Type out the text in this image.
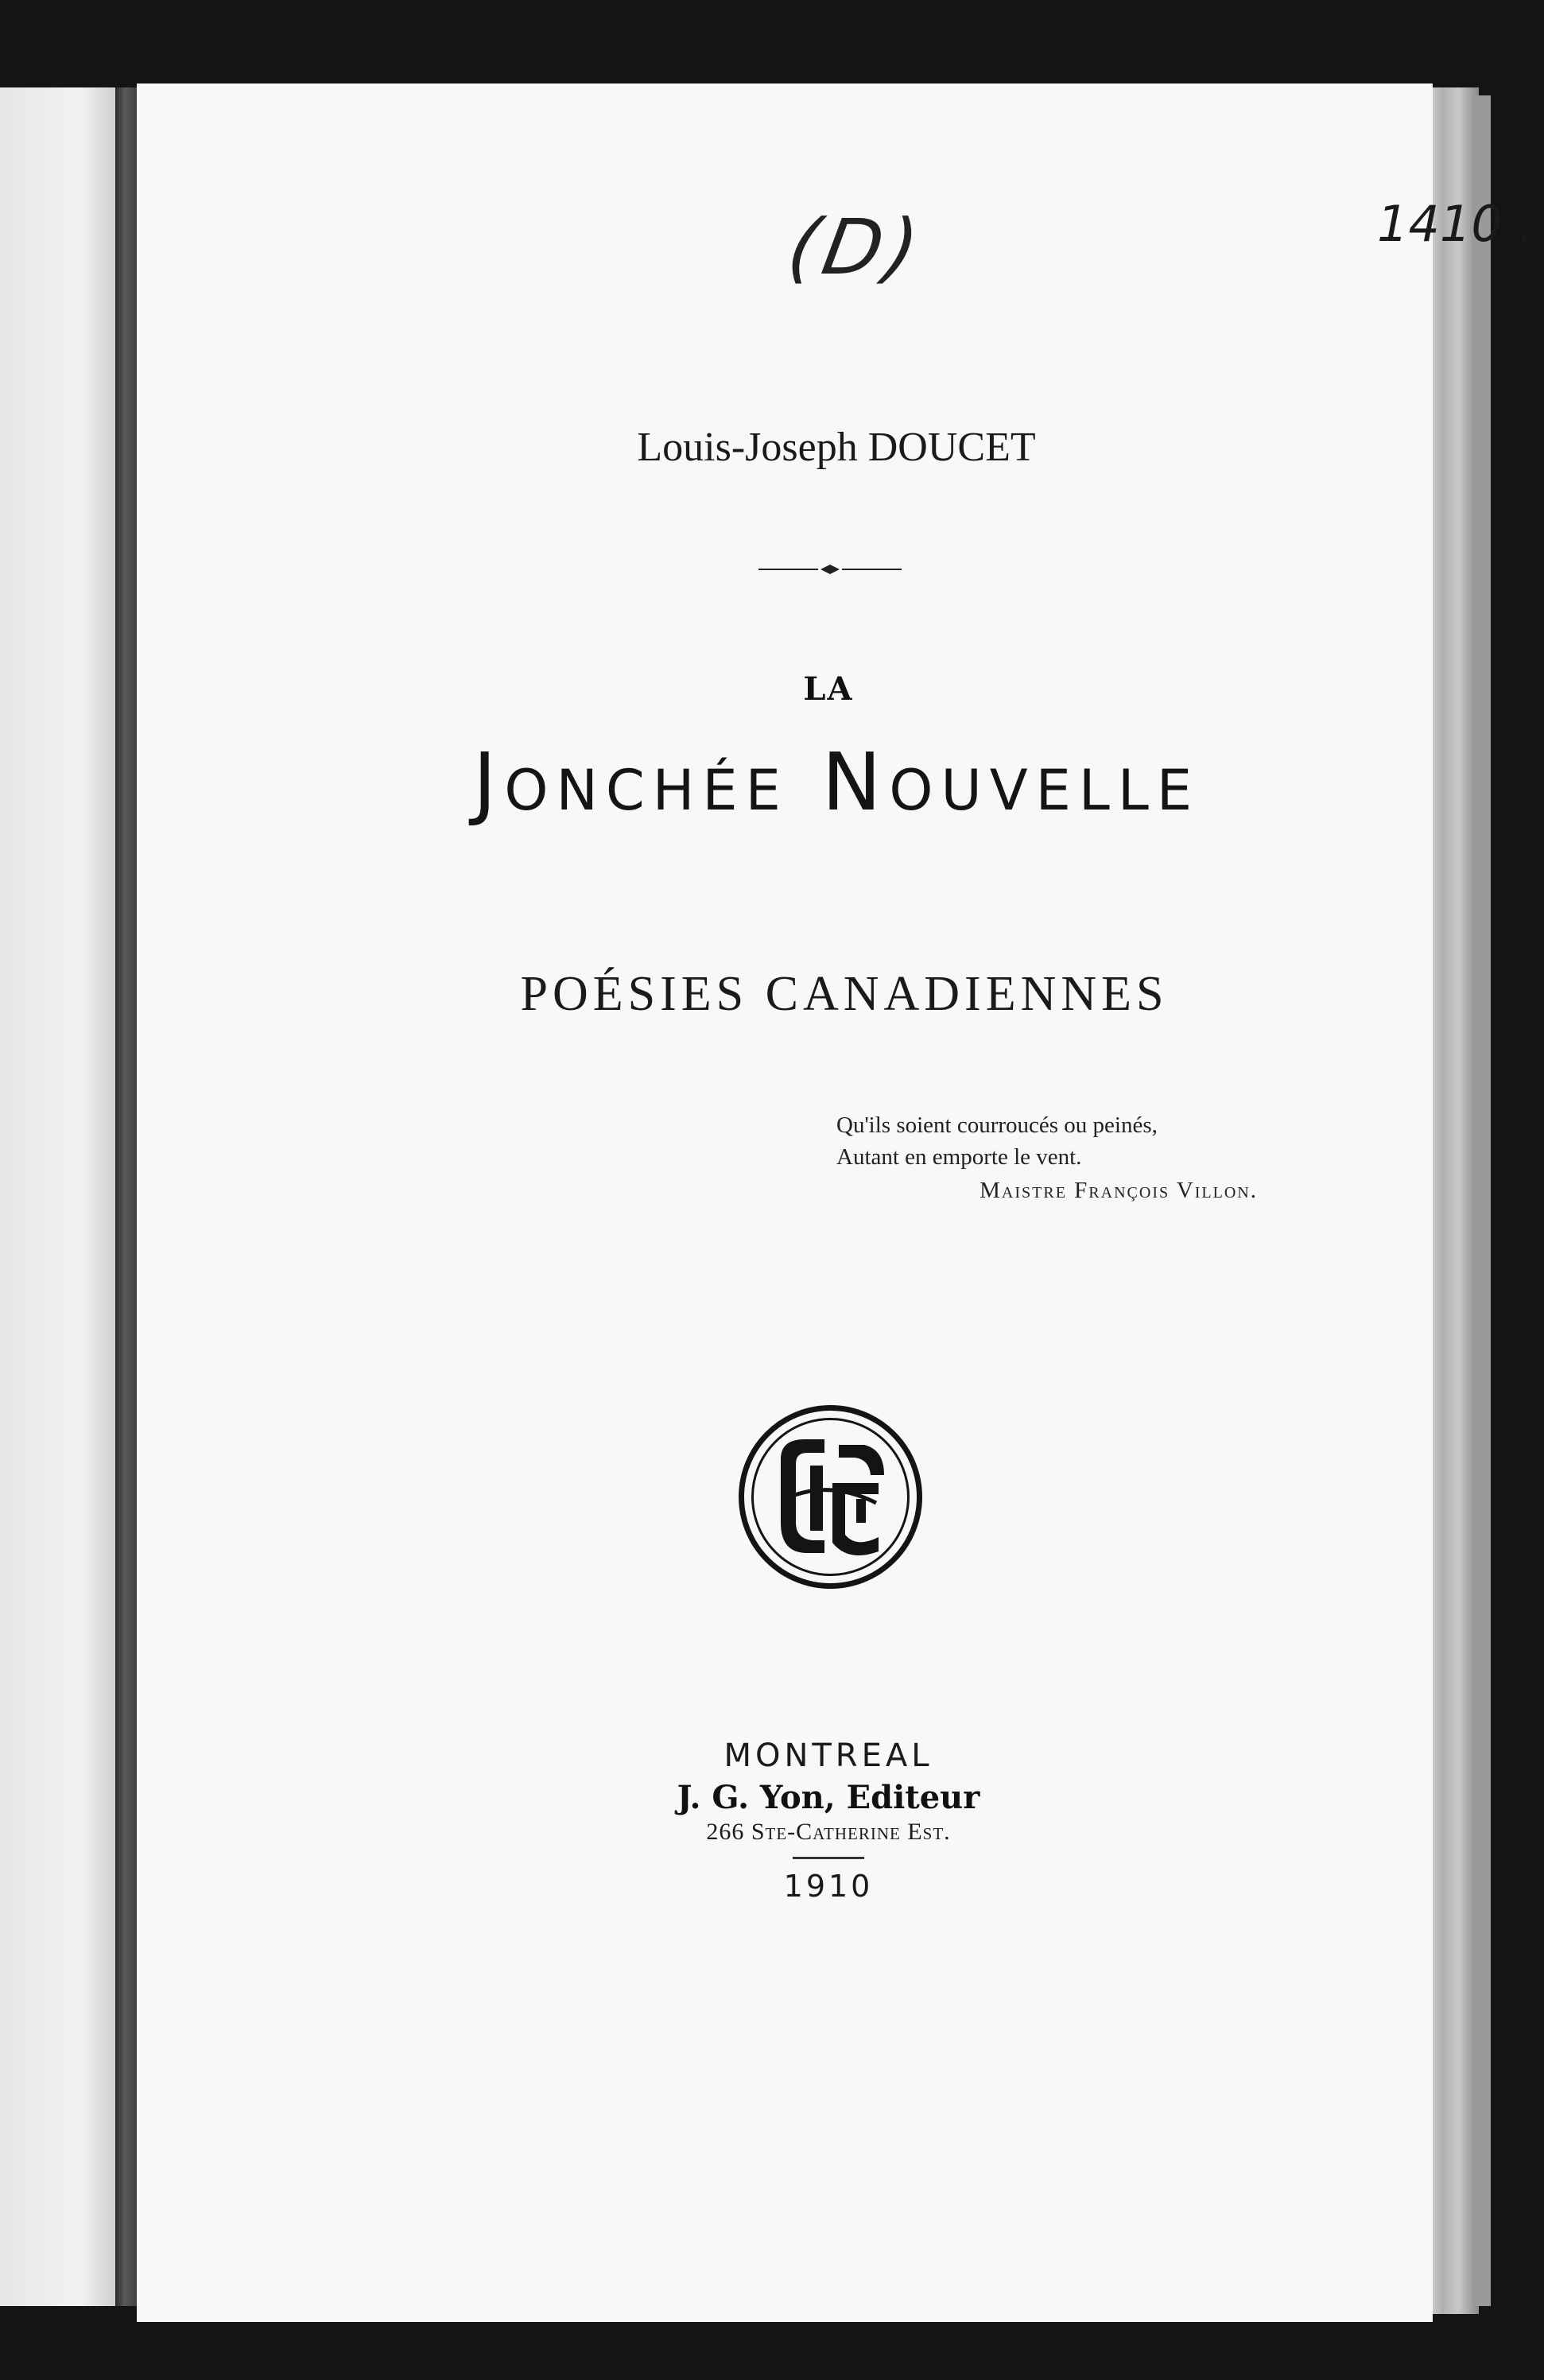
(D)	1410 .
Louis-Joseph DOUCET
LA
Jonchée Nouvelle
POÉSIES CANADIENNES
Qu'ils soient courroucés ou peinés,
Autant en emporte le vent.
Maistre François Villon.
MONTREAL
J. G. Yon, Editeur
266 Ste-Catherine Est.
1910
